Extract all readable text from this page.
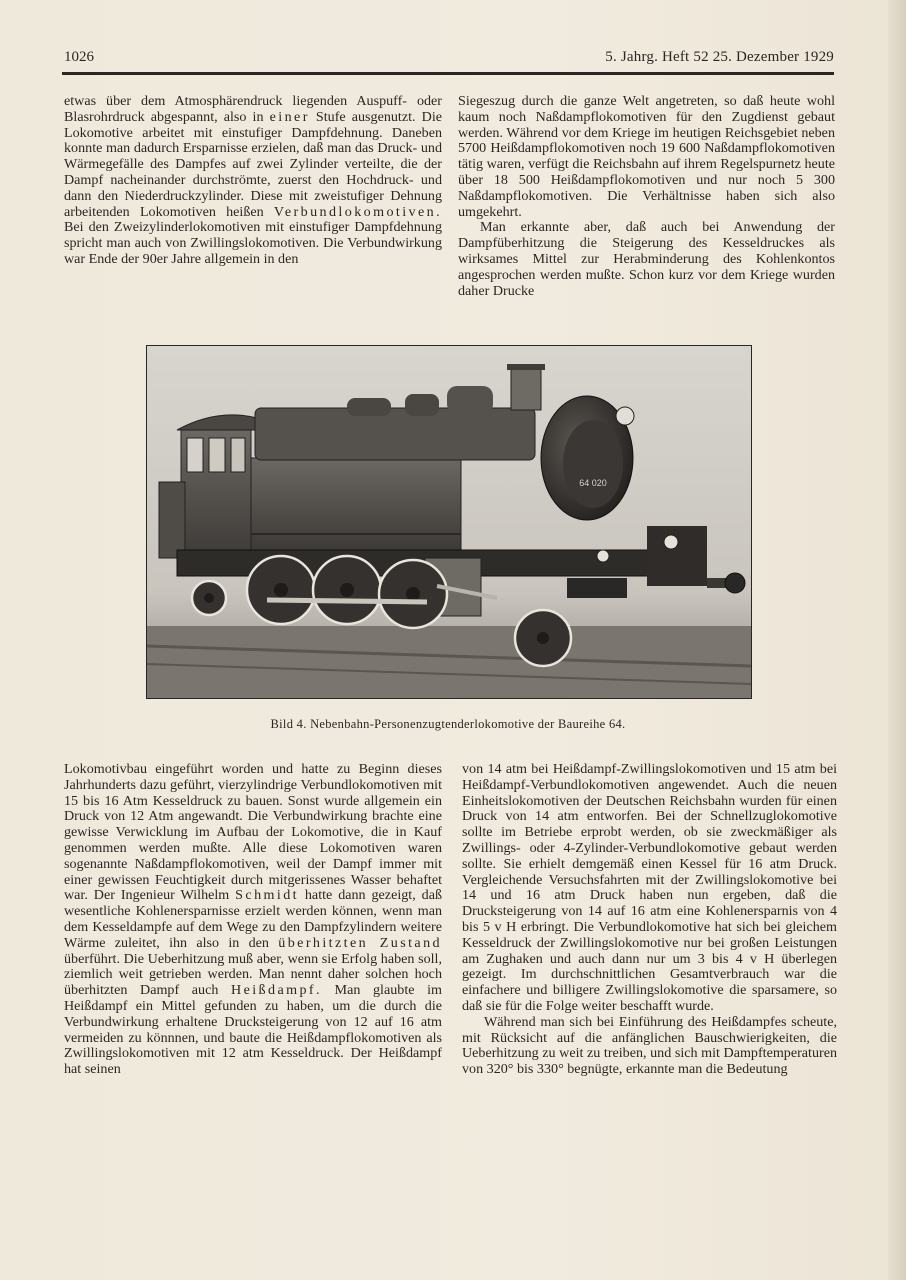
1026	5. Jahrg. Heft 52 25. Dezember 1929

etwas über dem Atmosphärendruck liegenden Auspuff- oder Blasrohrdruck abgespannt, also in einer Stufe ausgenutzt. Die Lokomotive arbeitet mit einstufiger Dampfdehnung. Daneben konnte man dadurch Ersparnisse erzielen, daß man das Druck- und Wärmegefälle des Dampfes auf zwei Zylinder verteilte, die der Dampf nacheinander durchströmte, zuerst den Hochdruck- und dann den Niederdruckzylinder. Diese mit zweistufiger Dehnung arbeitenden Lokomotiven heißen Verbundlokomotiven. Bei den Zweizylinderlokomotiven mit einstufiger Dampfdehnung spricht man auch von Zwillingslokomotiven. Die Verbundwirkung war Ende der 90er Jahre allgemein in den

Siegeszug durch die ganze Welt angetreten, so daß heute wohl kaum noch Naßdampflokomotiven für den Zugdienst gebaut werden. Während vor dem Kriege im heutigen Reichsgebiet neben 5700 Heißdampflokomotiven noch 19 600 Naßdampflokomotiven tätig waren, verfügt die Reichsbahn auf ihrem Regelspurnetz heute über 18 500 Heißdampflokomotiven und nur noch 5 300 Naßdampflokomotiven. Die Verhältnisse haben sich also umgekehrt.

Man erkannte aber, daß auch bei Anwendung der Dampfüberhitzung die Steigerung des Kesseldruckes als wirksames Mittel zur Herabminderung des Kohlenkontos angesprochen werden mußte. Schon kurz vor dem Kriege wurden daher Drucke

64 020
Bild 4. Nebenbahn-Personenzugtenderlokomotive der Baureihe 64.

Lokomotivbau eingeführt worden und hatte zu Beginn dieses Jahrhunderts dazu geführt, vierzylindrige Verbundlokomotiven mit 15 bis 16 Atm Kesseldruck zu bauen. Sonst wurde allgemein ein Druck von 12 Atm angewandt. Die Verbundwirkung brachte eine gewisse Verwicklung im Aufbau der Lokomotive, die in Kauf genommen werden mußte. Alle diese Lokomotiven waren sogenannte Naßdampflokomotiven, weil der Dampf immer mit einer gewissen Feuchtigkeit durch mitgerissenes Wasser behaftet war. Der Ingenieur Wilhelm Schmidt hatte dann gezeigt, daß wesentliche Kohlenersparnisse erzielt werden können, wenn man dem Kesseldampfe auf dem Wege zu den Dampfzylindern weitere Wärme zuleitet, ihn also in den überhitzten Zustand überführt. Die Ueberhitzung muß aber, wenn sie Erfolg haben soll, ziemlich weit getrieben werden. Man nennt daher solchen hoch überhitzten Dampf auch Heißdampf. Man glaubte im Heißdampf ein Mittel gefunden zu haben, um die durch die Verbundwirkung erhaltene Drucksteigerung von 12 auf 16 atm vermeiden zu könnnen, und baute die Heißdampflokomotiven als Zwillingslokomotiven mit 12 atm Kesseldruck. Der Heißdampf hat seinen

von 14 atm bei Heißdampf-Zwillingslokomotiven und 15 atm bei Heißdampf-Verbundlokomotiven angewendet. Auch die neuen Einheitslokomotiven der Deutschen Reichsbahn wurden für einen Druck von 14 atm entworfen. Bei der Schnellzuglokomotive sollte im Betriebe erprobt werden, ob sie zweckmäßiger als Zwillings- oder 4-Zylinder-Verbundlokomotive gebaut werden sollte. Sie erhielt demgemäß einen Kessel für 16 atm Druck. Vergleichende Versuchsfahrten mit der Zwillingslokomotive bei 14 und 16 atm Druck haben nun ergeben, daß die Drucksteigerung von 14 auf 16 atm eine Kohlenersparnis von 4 bis 5 v H erbringt. Die Verbundlokomotive hat sich bei gleichem Kesseldruck der Zwillingslokomotive nur bei großen Leistungen am Zughaken und auch dann nur um 3 bis 4 v H überlegen gezeigt. Im durchschnittlichen Gesamtverbrauch war die einfachere und billigere Zwillingslokomotive die sparsamere, so daß sie für die Folge weiter beschafft wurde.

Während man sich bei Einführung des Heißdampfes scheute, mit Rücksicht auf die anfänglichen Bauschwierigkeiten, die Ueberhitzung zu weit zu treiben, und sich mit Dampftemperaturen von 320° bis 330° begnügte, erkannte man die Bedeutung
